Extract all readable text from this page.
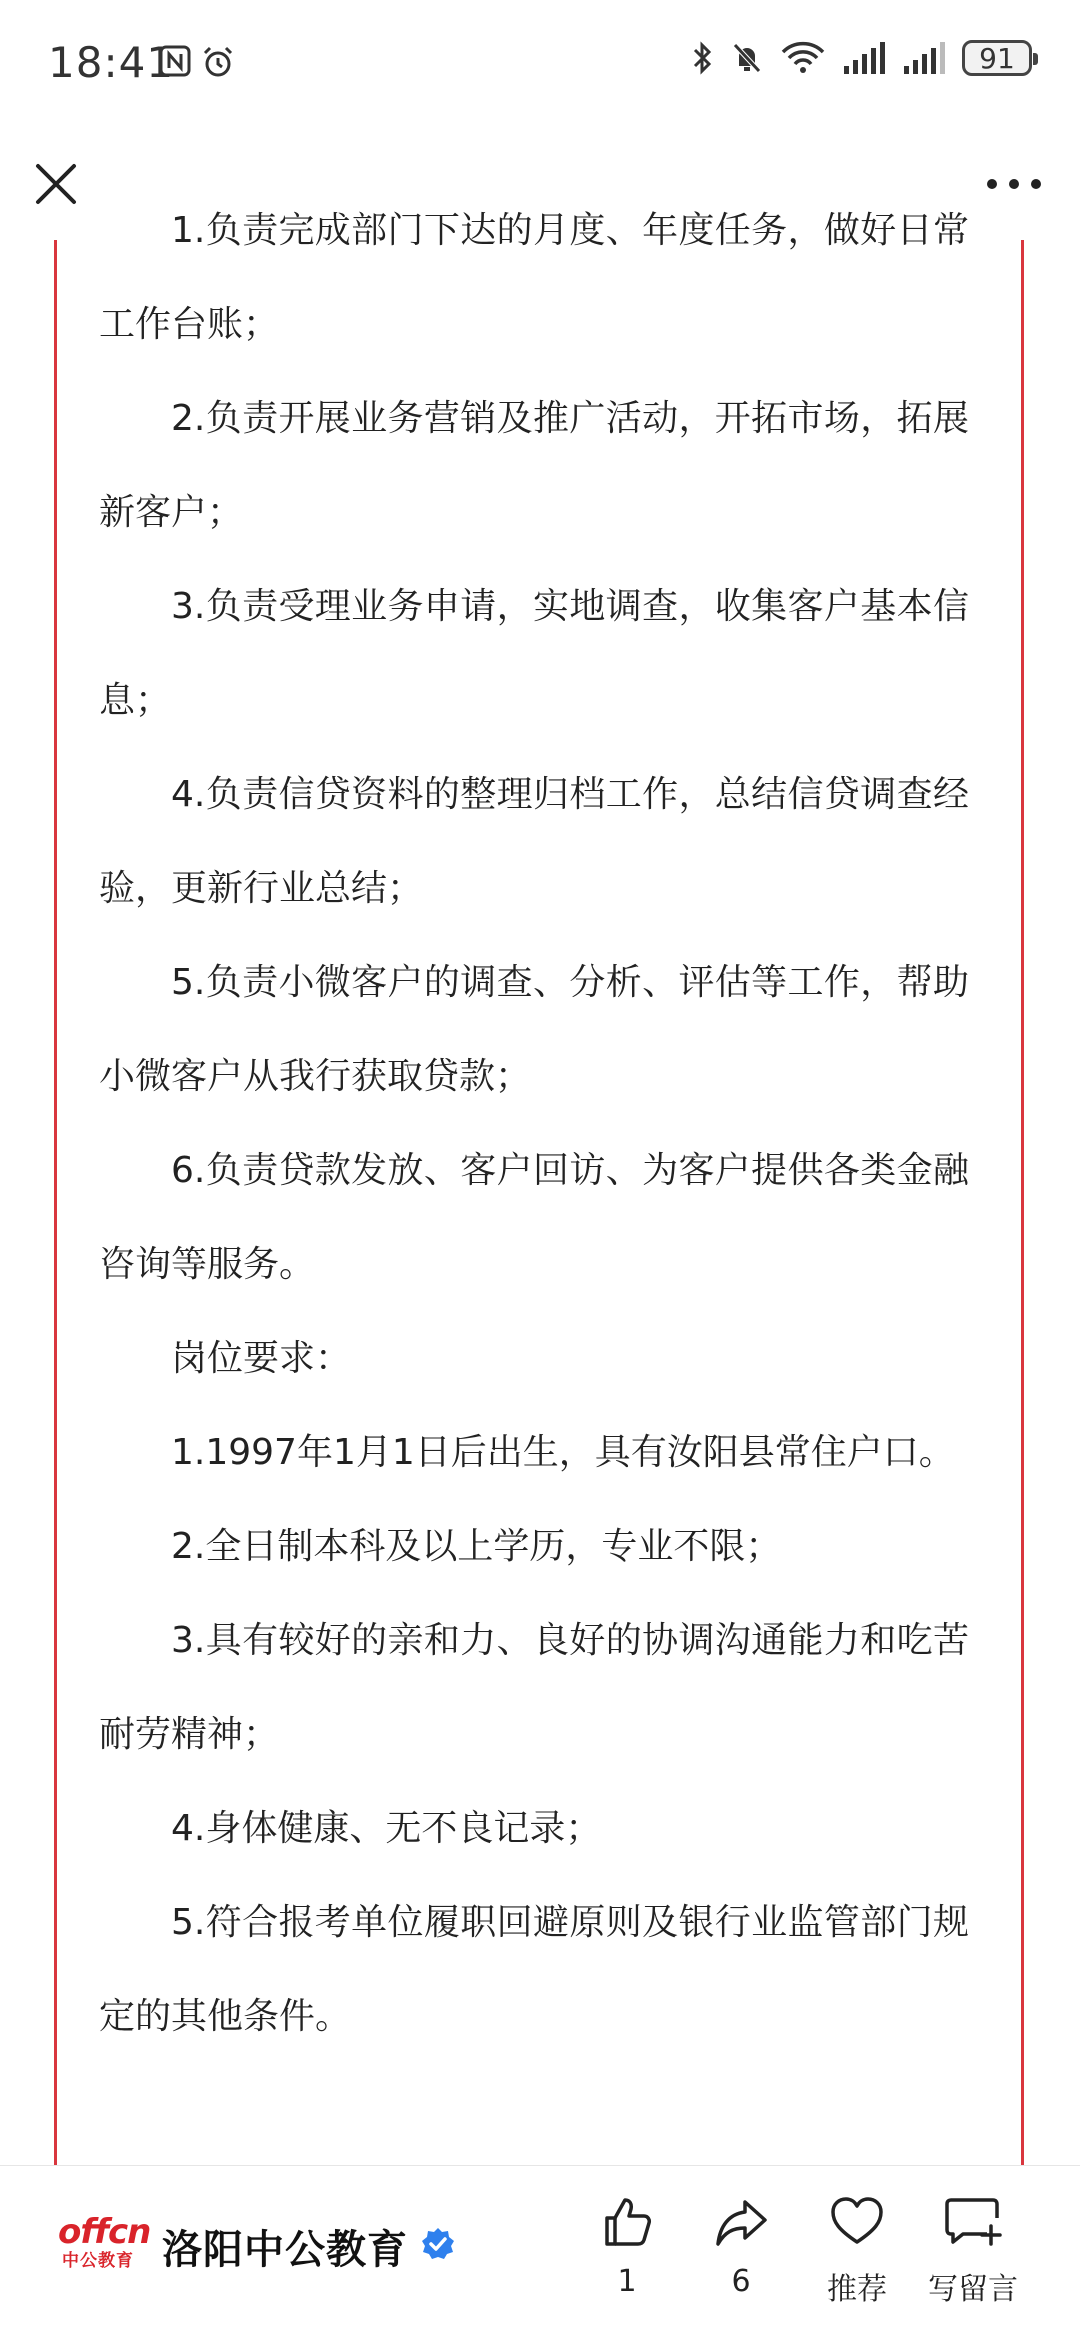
18:41	91

1.负责完成部门下达的月度、年度任务，做好日常工作台账；

2.负责开展业务营销及推广活动，开拓市场，拓展新客户；

3.负责受理业务申请，实地调查，收集客户基本信息；

4.负责信贷资料的整理归档工作，总结信贷调查经验，更新行业总结；

5.负责小微客户的调查、分析、评估等工作，帮助小微客户从我行获取贷款；

6.负责贷款发放、客户回访、为客户提供各类金融咨询等服务。

岗位要求：

1.1997年1月1日后出生，具有汝阳县常住户口。

2.全日制本科及以上学历，专业不限；

3.具有较好的亲和力、良好的协调沟通能力和吃苦耐劳精神；

4.身体健康、无不良记录；

5.符合报考单位履职回避原则及银行业监管部门规定的其他条件。

offcn
中公教育 洛阳中公教育
1	6	推荐	写留言
